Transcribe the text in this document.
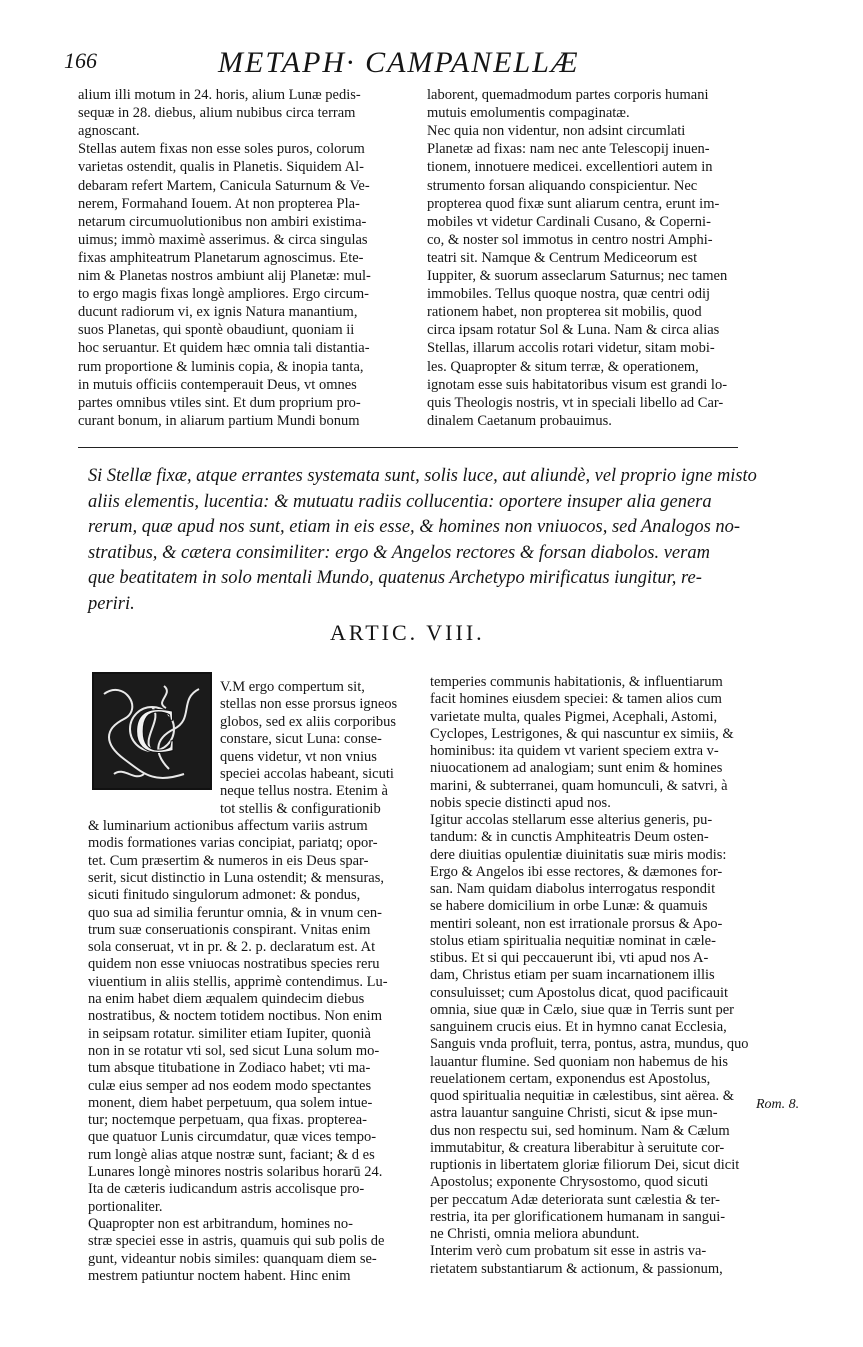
166	METAPH· CAMPANELLÆ
alium illi motum in 24. horis, alium Lunæ pedis-
sequæ in 28. diebus, alium nubibus circa terram
agnoscant.
Stellas autem fixas non esse soles puros, colorum
varietas ostendit, qualis in Planetis. Siquidem Al-
debaram refert Martem, Canicula Saturnum & Ve-
nerem, Formahand Iouem. At non propterea Pla-
netarum circumuolutionibus non ambiri existima-
uimus; immò maximè asserimus. & circa singulas
fixas amphiteatrum Planetarum agnoscimus. Ete-
nim & Planetas nostros ambiunt alij Planetæ: mul-
to ergo magis fixas longè ampliores. Ergo circum-
ducunt radiorum vi, ex ignis Natura manantium,
suos Planetas, qui spontè obaudiunt, quoniam ii
hoc seruantur. Et quidem hæc omnia tali distantia-
rum proportione & luminis copia, & inopia tanta,
in mutuis officiis contemperauit Deus, vt omnes
partes omnibus vtiles sint. Et dum proprium pro-
curant bonum, in aliarum partium Mundi bonum
laborent, quemadmodum partes corporis humani
mutuis emolumentis compaginatæ.
Nec quia non videntur, non adsint circumlati
Planetæ ad fixas: nam nec ante Telescopij inuen-
tionem, innotuere medicei. excellentiori autem in
strumento forsan aliquando conspicientur. Nec
propterea quod fixæ sunt aliarum centra, erunt im-
mobiles vt videtur Cardinali Cusano, & Coperni-
co, & noster sol immotus in centro nostri Amphi-
teatri sit. Namque & Centrum Mediceorum est
Iuppiter, & suorum asseclarum Saturnus; nec tamen
immobiles. Tellus quoque nostra, quæ centri odij
rationem habet, non propterea sit mobilis, quod
circa ipsam rotatur Sol & Luna. Nam & circa alias
Stellas, illarum accolis rotari videtur, sitam mobi-
les. Quapropter & situm terræ, & operationem,
ignotam esse suis habitatoribus visum est grandi lo-
quis Theologis nostris, vt in speciali libello ad Car-
dinalem Caetanum probauimus.
Si Stellæ fixæ, atque errantes systemata sunt, solis luce, aut aliundè, vel proprio igne misto
aliis elementis, lucentia: & mutuatu radiis collucentia: oportere insuper alia genera
rerum, quæ apud nos sunt, etiam in eis esse, & homines non vniuocos, sed Analogos no-
stratibus, & cætera consimiliter: ergo & Angelos rectores & forsan diabolos. veram
que beatitatem in solo mentali Mundo, quatenus Archetypo mirificatus iungitur, re-
periri.
ARTIC. VIII.
C
V.M ergo compertum sit,
stellas non esse prorsus igneos
globos, sed ex aliis corporibus
constare, sicut Luna: conse-
quens videtur, vt non vnius
speciei accolas habeant, sicuti
neque tellus nostra. Etenim à
tot stellis & configurationib
& luminarium actionibus affectum variis astrum
modis formationes varias concipiat, pariatq; opor-
tet. Cum præsertim & numeros in eis Deus spar-
serit, sicut distinctio in Luna ostendit; & mensuras,
sicuti finitudo singulorum admonet: & pondus,
quo sua ad similia feruntur omnia, & in vnum cen-
trum suæ conseruationis conspirant. Vnitas enim
sola conseruat, vt in pr. & 2. p. declaratum est. At
quidem non esse vniuocas nostratibus species reru
viuentium in aliis stellis, apprimè contendimus. Lu-
na enim habet diem æqualem quindecim diebus
nostratibus, & noctem totidem noctibus. Non enim
in seipsam rotatur. similiter etiam Iupiter, quonià
non in se rotatur vti sol, sed sicut Luna solum mo-
tum absque titubatione in Zodiaco habet; vti ma-
culæ eius semper ad nos eodem modo spectantes
monent, diem habet perpetuum, qua solem intue-
tur; noctemque perpetuam, qua fixas. propterea-
que quatuor Lunis circumdatur, quæ vices tempo-
rum longè alias atque nostræ sunt, faciant; & d es
Lunares longè minores nostris solaribus horarū 24.
Ita de cæteris iudicandum astris accolisque pro-
portionaliter.
Quapropter non est arbitrandum, homines no-
stræ speciei esse in astris, quamuis qui sub polis de
gunt, videantur nobis similes: quanquam diem se-
mestrem patiuntur noctem habent. Hinc enim
temperies communis habitationis, & influentiarum
facit homines eiusdem speciei: & tamen alios cum
varietate multa, quales Pigmei, Acephali, Astomi,
Cyclopes, Lestrigones, & qui nascuntur ex simiis, &
hominibus: ita quidem vt varient speciem extra v-
niuocationem ad analogiam; sunt enim & homines
marini, & subterranei, quam homunculi, & satvri, à
nobis specie distincti apud nos.
Igitur accolas stellarum esse alterius generis, pu-
tandum: & in cunctis Amphiteatris Deum osten-
dere diuitias opulentiæ diuinitatis suæ miris modis:
Ergo & Angelos ibi esse rectores, & dæmones for-
san. Nam quidam diabolus interrogatus respondit
se habere domicilium in orbe Lunæ: & quamuis
mentiri soleant, non est irrationale prorsus & Apo-
stolus etiam spiritualia nequitiæ nominat in cæle-
stibus. Et si qui peccauerunt ibi, vti apud nos A-
dam, Christus etiam per suam incarnationem illis
consuluisset; cum Apostolus dicat, quod pacificauit
omnia, siue quæ in Cælo, siue quæ in Terris sunt per
sanguinem crucis eius. Et in hymno canat Ecclesia,
Sanguis vnda profluit, terra, pontus, astra, mundus, quo
lauantur flumine. Sed quoniam non habemus de his
reuelationem certam, exponendus est Apostolus,
quod spiritualia nequitiæ in cælestibus, sint aërea. &
astra lauantur sanguine Christi, sicut & ipse mun-
dus non respectu sui, sed hominum. Nam & Cælum
immutabitur, & creatura liberabitur à seruitute cor-
ruptionis in libertatem gloriæ filiorum Dei, sicut dicit
Apostolus; exponente Chrysostomo, quod sicuti
per peccatum Adæ deteriorata sunt cælestia & ter-
restria, ita per glorificationem humanam in sangui-
ne Christi, omnia meliora abundunt.
Interim verò cum probatum sit esse in astris va-
rietatem substantiarum & actionum, & passionum,
Rom. 8.
